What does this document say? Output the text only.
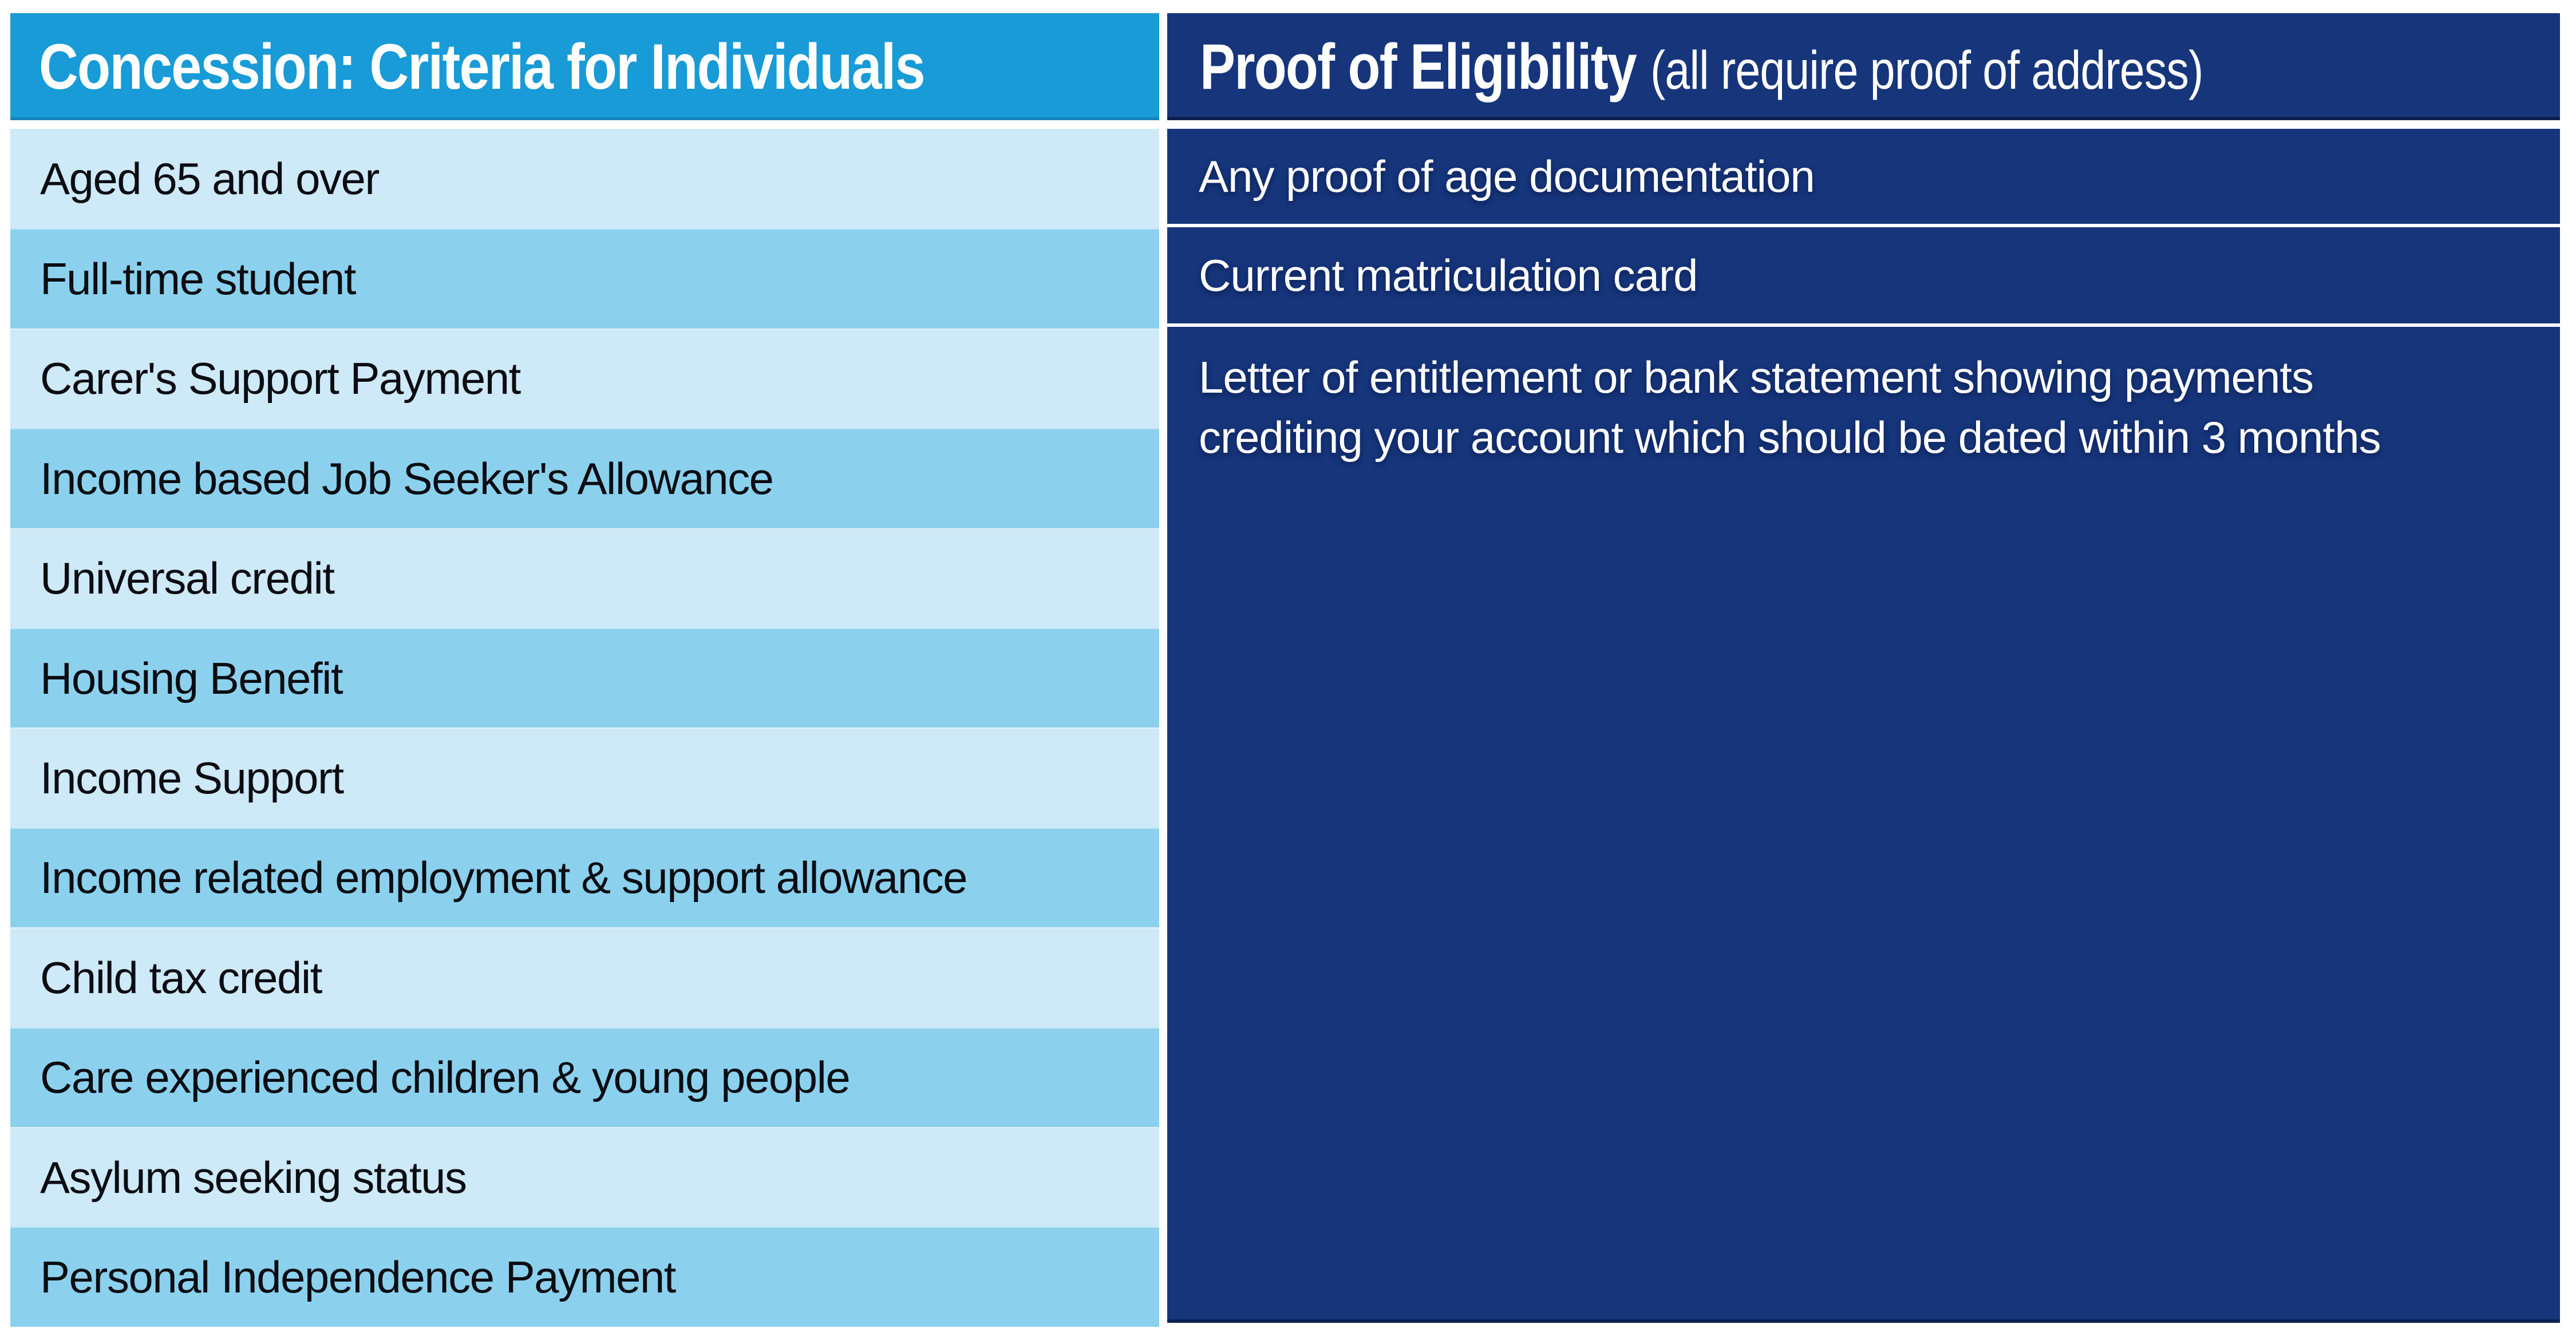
Concession: Criteria for Individuals
Aged 65 and over
Full-time student
Carer's Support Payment
Income based Job Seeker's Allowance
Universal credit
Housing Benefit
Income Support
Income related employment & support allowance
Child tax credit
Care experienced children & young people
Asylum seeking status
Personal Independence Payment
Proof of Eligibility (all require proof of address)
Any proof of age documentation
Current matriculation card
Letter of entitlement or bank statement showing payments crediting your account which should be dated within 3 months
